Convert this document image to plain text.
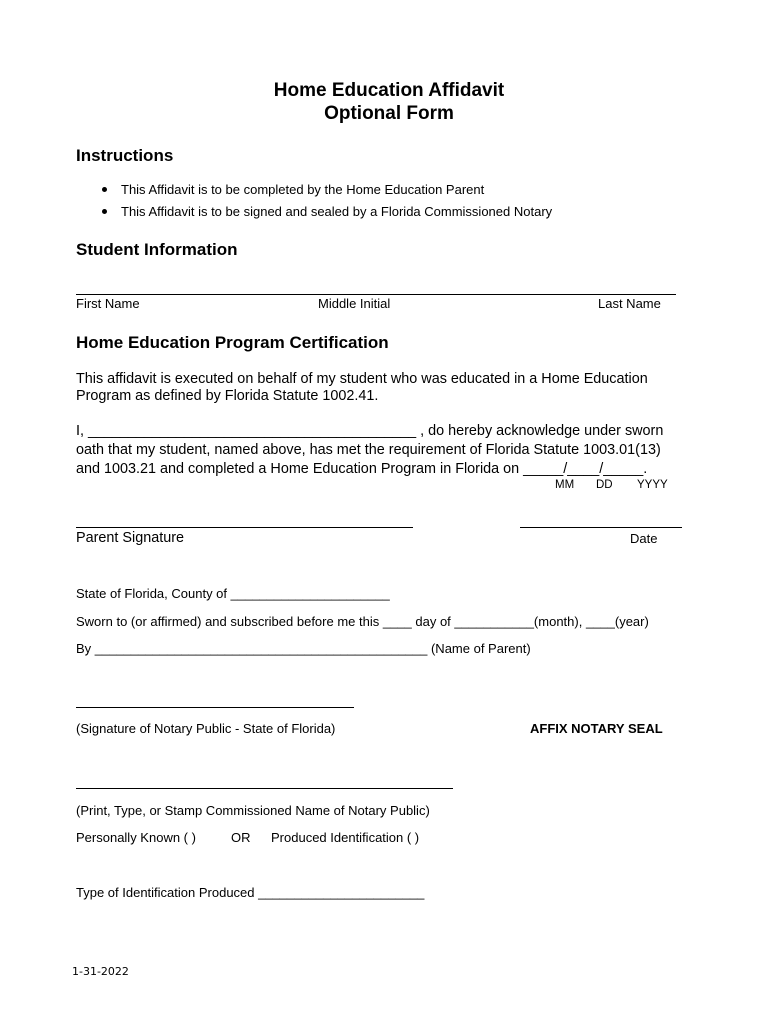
Home Education Affidavit
Optional Form
Instructions
This Affidavit is to be completed by the Home Education Parent
This Affidavit is to be signed and sealed by a Florida Commissioned Notary
Student Information
First Name	Middle Initial	Last Name
Home Education Program Certification
This affidavit is executed on behalf of my student who was educated in a Home Education
Program as defined by Florida Statute 1002.41.
I, _________________________________________ , do hereby acknowledge under sworn
oath that my student, named above, has met the requirement of Florida Statute 1003.01(13)
and 1003.21 and completed a Home Education Program in Florida on _____/____/_____.
MM DD YYYY
Parent Signature	Date
State of Florida, County of ______________________
Sworn to (or affirmed) and subscribed before me this ____ day of ___________(month), ____(year)
By ______________________________________________ (Name of Parent)
(Signature of Notary Public - State of Florida)	AFFIX NOTARY SEAL
(Print, Type, or Stamp Commissioned Name of Notary Public)
Personally Known ( )	OR Produced Identification ( )
Type of Identification Produced _______________________
1-31-2022
